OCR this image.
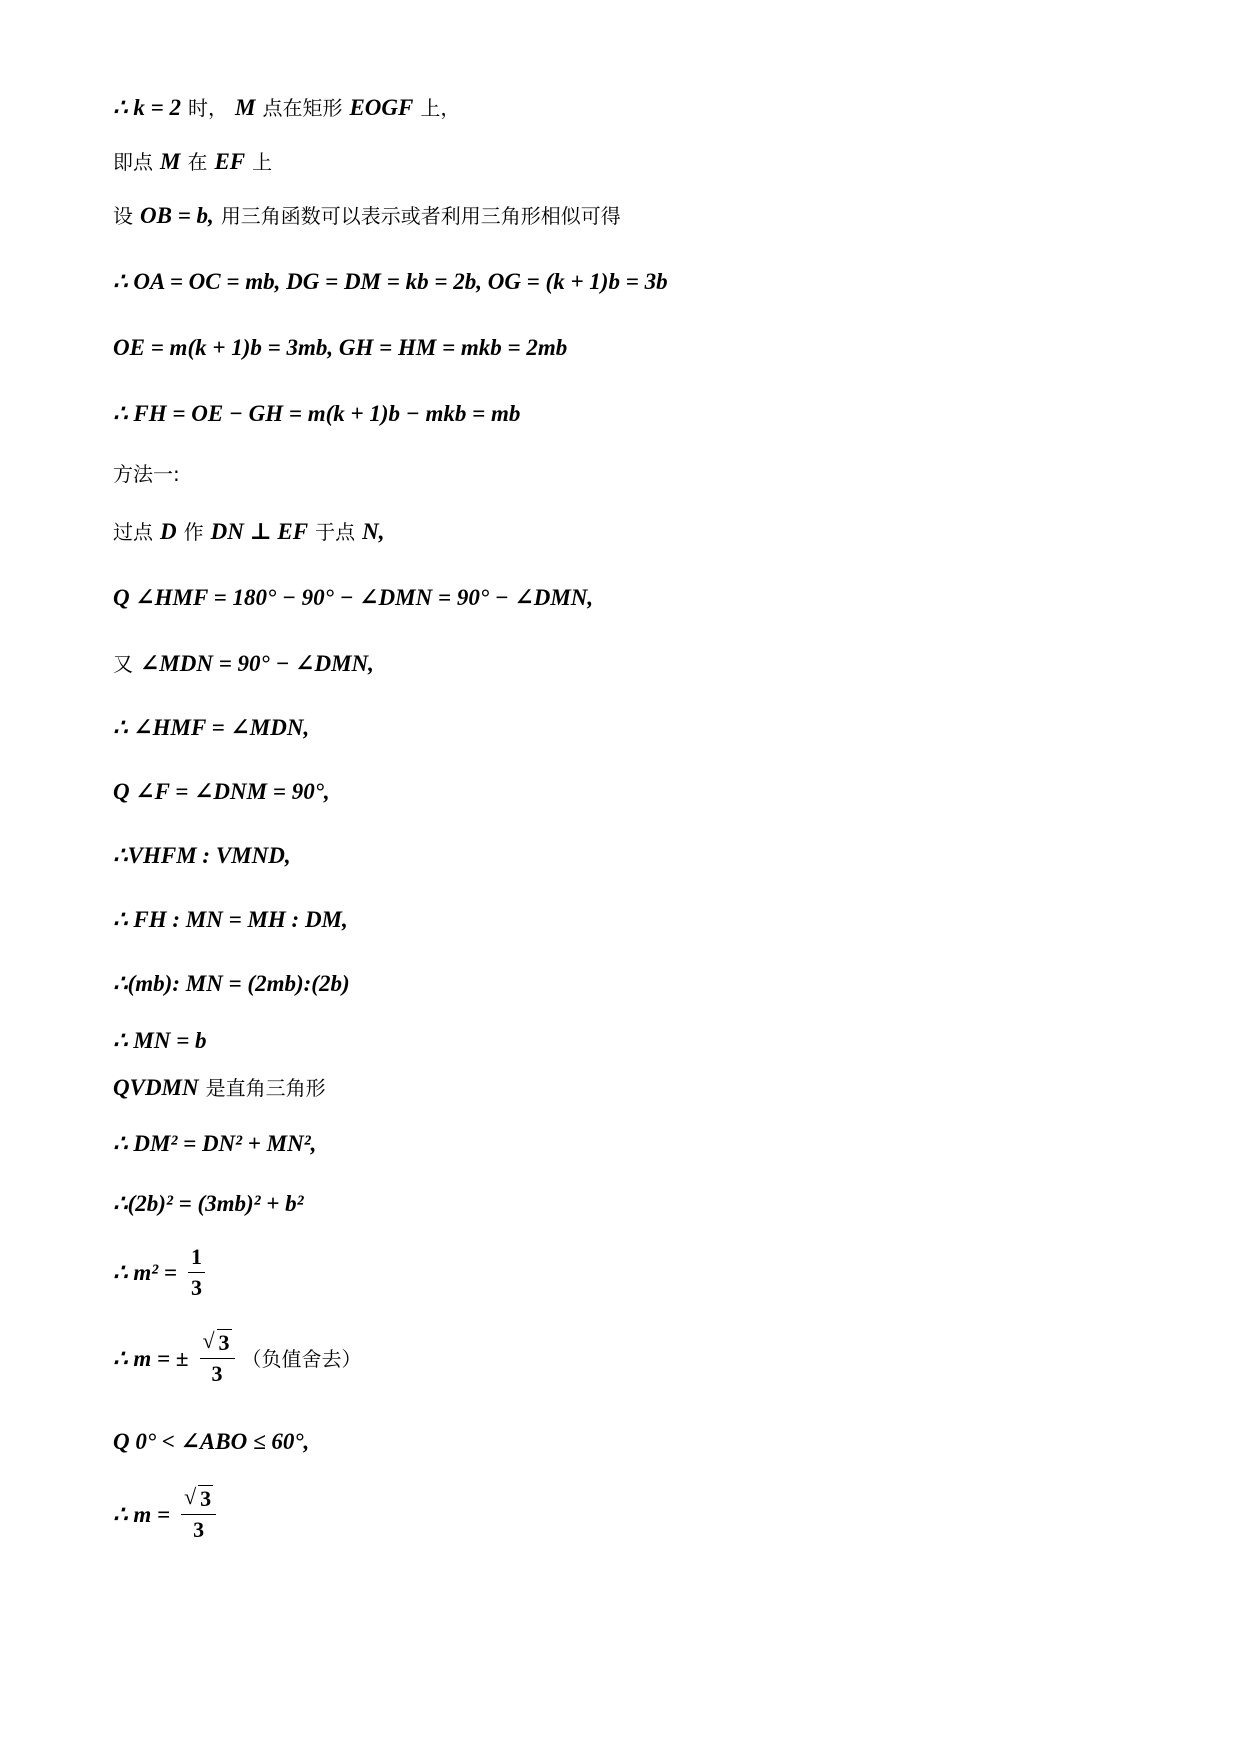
∴ k = 2 时， M 点在矩形 EOGF 上，
即点 M 在 EF 上
设 OB = b, 用三角函数可以表示或者利用三角形相似可得
∴ OA = OC = mb, DG = DM = kb = 2b, OG = (k + 1)b = 3b
OE = m(k + 1)b = 3mb, GH = HM = mkb = 2mb
∴ FH = OE − GH = m(k + 1)b − mkb = mb
方法一:
过点 D 作 DN ⊥ EF 于点 N,
Q ∠HMF = 180° − 90° − ∠DMN = 90° − ∠DMN,
又 ∠MDN = 90° − ∠DMN,
∴ ∠HMF = ∠MDN,
Q ∠F = ∠DNM = 90°,
∴VHFM : VMND,
∴ FH : MN = MH : DM,
∴(mb): MN = (2mb):(2b)
∴ MN = b
QVDMN 是直角三角形
∴ DM² = DN² + MN²,
∴(2b)² = (3mb)² + b²
∴ $m^2 = \frac{1}{3}$
∴ m = ± √ $\frac{3}{3}$ （负值舍去）
Q 0° < ∠ABO ≤ 60°,
∴ m = √ $\frac{3}{3}$
